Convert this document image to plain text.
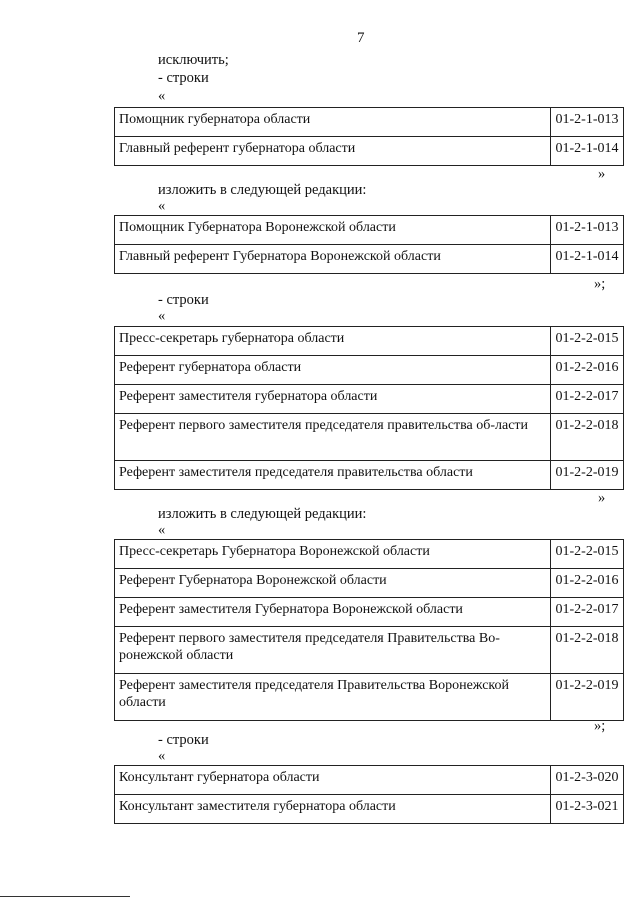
7
исключить;
- строки
«
Помощник губернатора области	01-2-1-013
Главный референт губернатора области	01-2-1-014
»
изложить в следующей редакции:
«
Помощник Губернатора Воронежской области	01-2-1-013
Главный референт Губернатора Воронежской области	01-2-1-014
»;
- строки
«
Пресс-секретарь губернатора области	01-2-2-015
Референт губернатора области	01-2-2-016
Референт заместителя губернатора области	01-2-2-017
Референт первого заместителя председателя правительства об-ласти	01-2-2-018
Референт заместителя председателя правительства области	01-2-2-019
»
изложить в следующей редакции:
«
Пресс-секретарь Губернатора Воронежской области	01-2-2-015
Референт Губернатора Воронежской области	01-2-2-016
Референт заместителя Губернатора Воронежской области	01-2-2-017
Референт первого заместителя председателя Правительства Во-ронежской области	01-2-2-018
Референт заместителя председателя Правительства Воронежской области	01-2-2-019
»;
- строки
«
Консультант губернатора области	01-2-3-020
Консультант заместителя губернатора области	01-2-3-021
